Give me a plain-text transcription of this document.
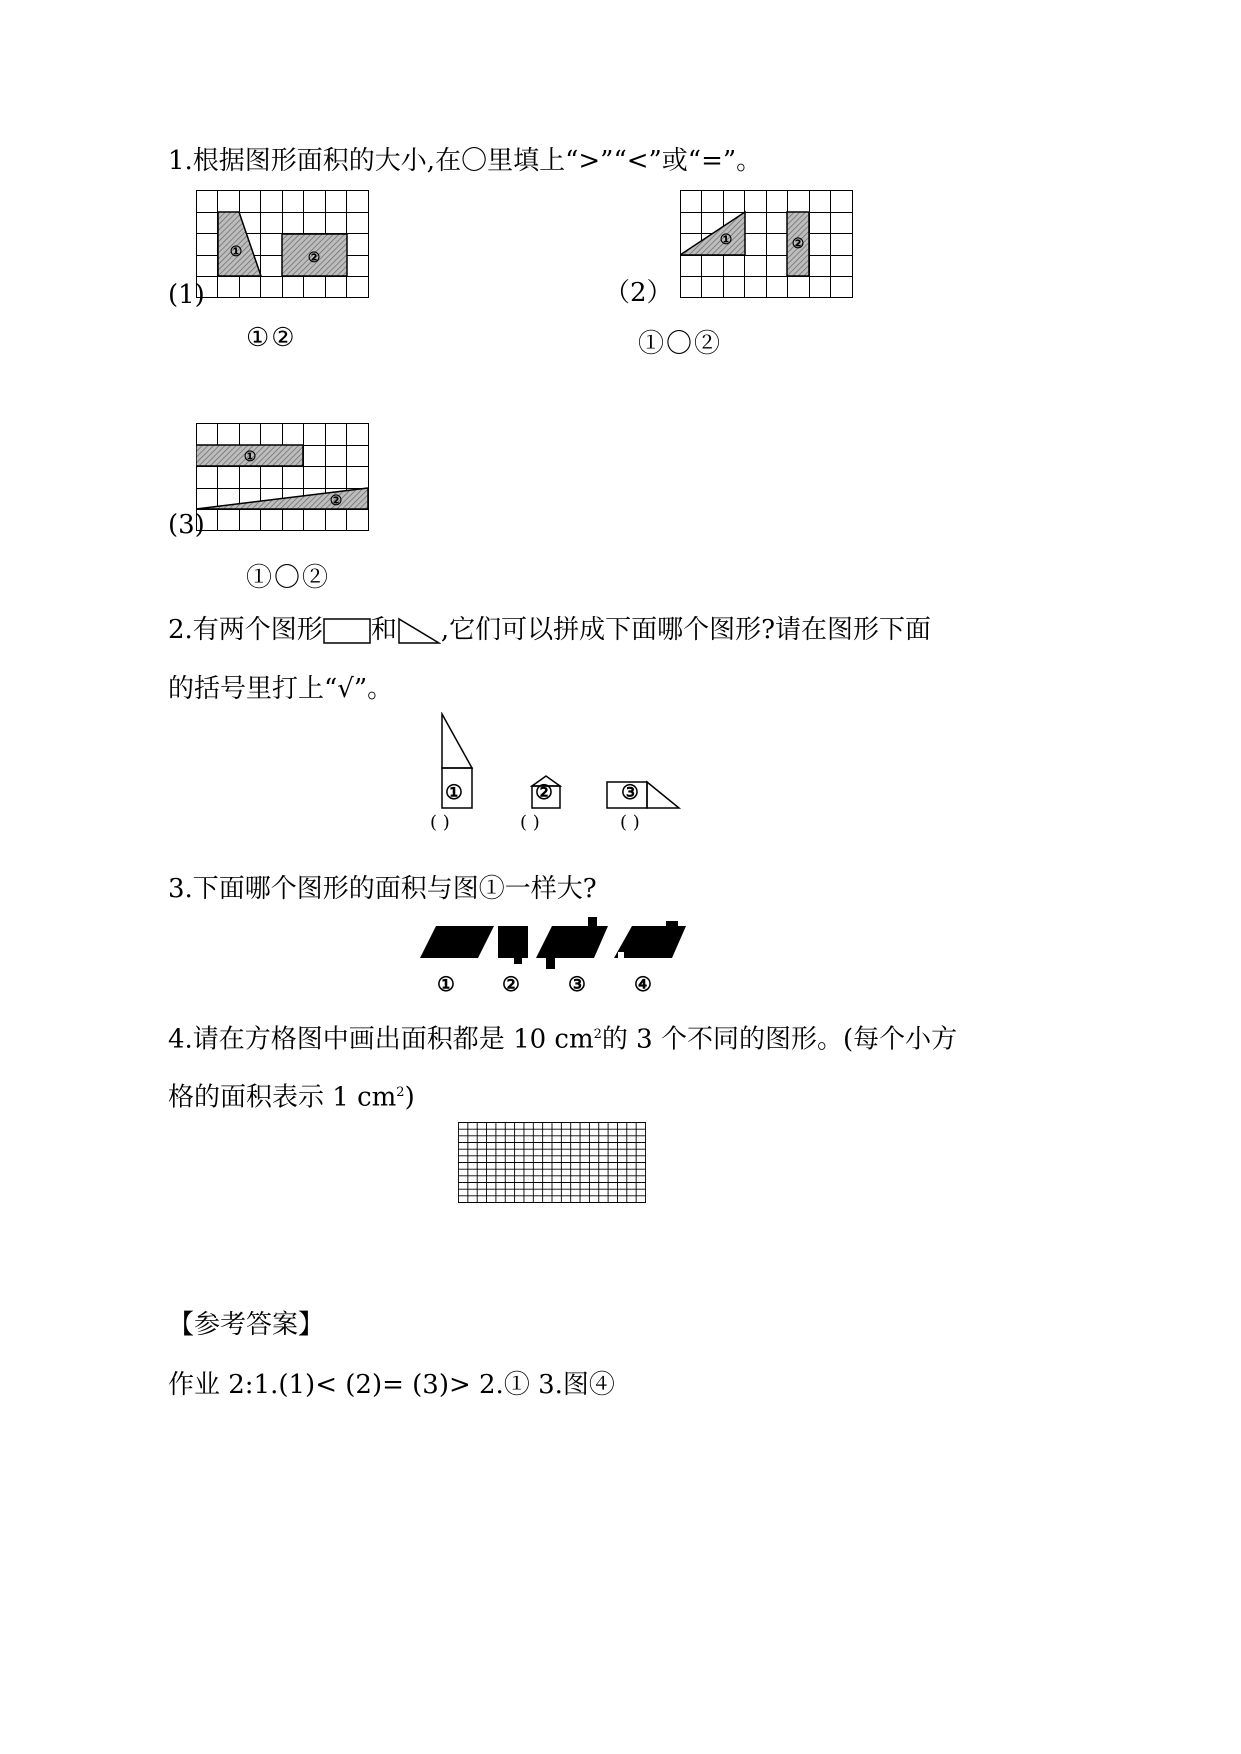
1.根据图形面积的大小,在〇里填上“>”“<”或“=”。
(1)
①	②
①②
（2）
①	②
①〇②
(3)
①
②
①〇②
2.有两个图形 和 ,它们可以拼成下面哪个图形?请在图形下面
的括号里打上“√”。
①	②	③
( )	( )	( )
3.下面哪个图形的面积与图①一样大?
① ② ③ ④
4.请在方格图中画出面积都是 10 $cm^2$的 3 个不同的图形。(每个小方
格的面积表示 1 $cm^2$)
【参考答案】
作业 2:1.(1)< (2)= (3)> 2.① 3.图④
